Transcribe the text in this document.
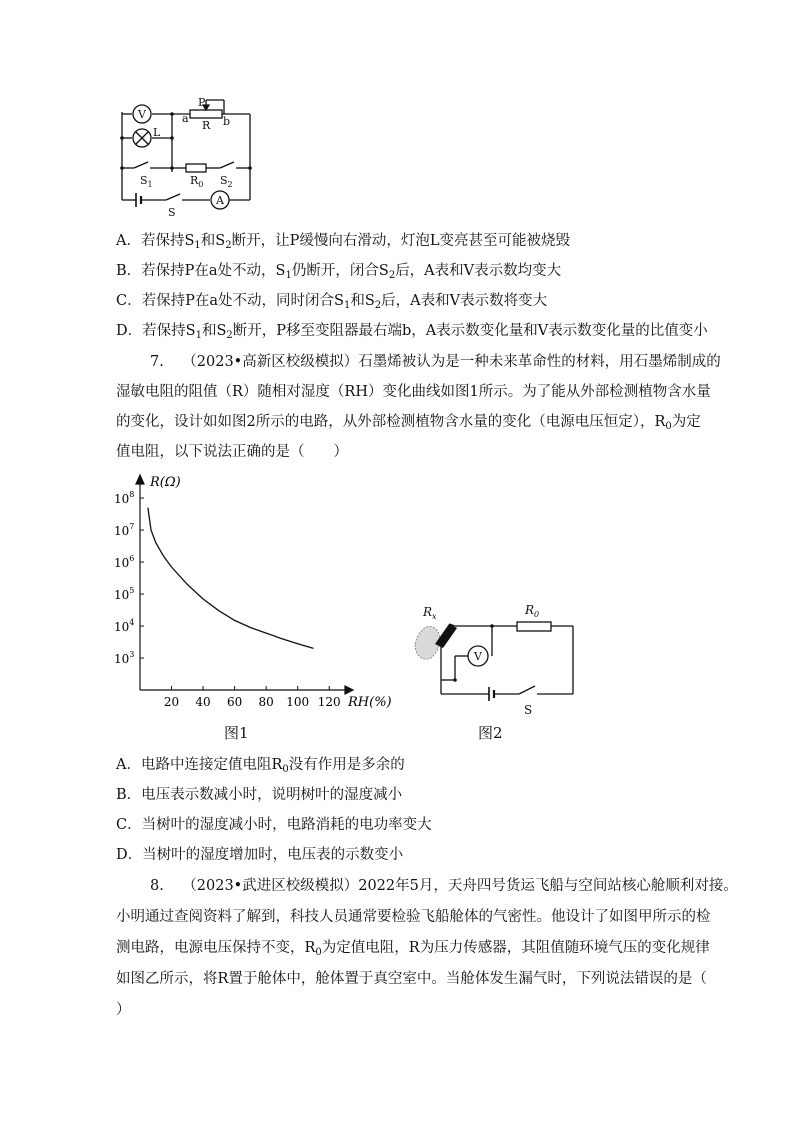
V
L
P
a
R b
$S_1$	$R_0$ $S_2$
S
A
A．若保持$S_1$和$S_2$断开，让P缓慢向右滑动，灯泡L变亮甚至可能被烧毁
B．若保持P在a处不动，$S_1$仍断开，闭合$S_2$后，A表和V表示数均变大
C．若保持P在a处不动，同时闭合$S_1$和$S_2$后，A表和V表示数将变大
D．若保持$S_1$和$S_2$断开，P移至变阻器最右端b，A表示数变化量和V表示数变化量的比值变小
7. （2023•高新区校级模拟）石墨烯被认为是一种未来革命性的材料，用石墨烯制成的
湿敏电阻的阻值（R）随相对湿度（RH）变化曲线如图1所示。为了能从外部检测植物含水量
的变化，设计如如图2所示的电路，从外部检测植物含水量的变化（电源电压恒定），$R_0$为定
值电阻，以下说法正确的是（　　）
20 40 60 80 100 120
$10^3$
$10^4$
$10^5$
$10^6$
$10^7$
$10^8$
R(Ω)
RH(%)
图1
$R_x$	$R_0$
V
S
图2
A．电路中连接定值电阻$R_0$没有作用是多余的
B．电压表示数减小时，说明树叶的湿度减小
C．当树叶的湿度减小时，电路消耗的电功率变大
D．当树叶的湿度增加时，电压表的示数变小
8. （2023•武进区校级模拟）2022年5月，天舟四号货运飞船与空间站核心舱顺利对接。
小明通过查阅资料了解到，科技人员通常要检验飞船舱体的气密性。他设计了如图甲所示的检
测电路，电源电压保持不变，$R_0$为定值电阻，R为压力传感器，其阻值随环境气压的变化规律
如图乙所示，将R置于舱体中，舱体置于真空室中。当舱体发生漏气时，下列说法错误的是（
）
